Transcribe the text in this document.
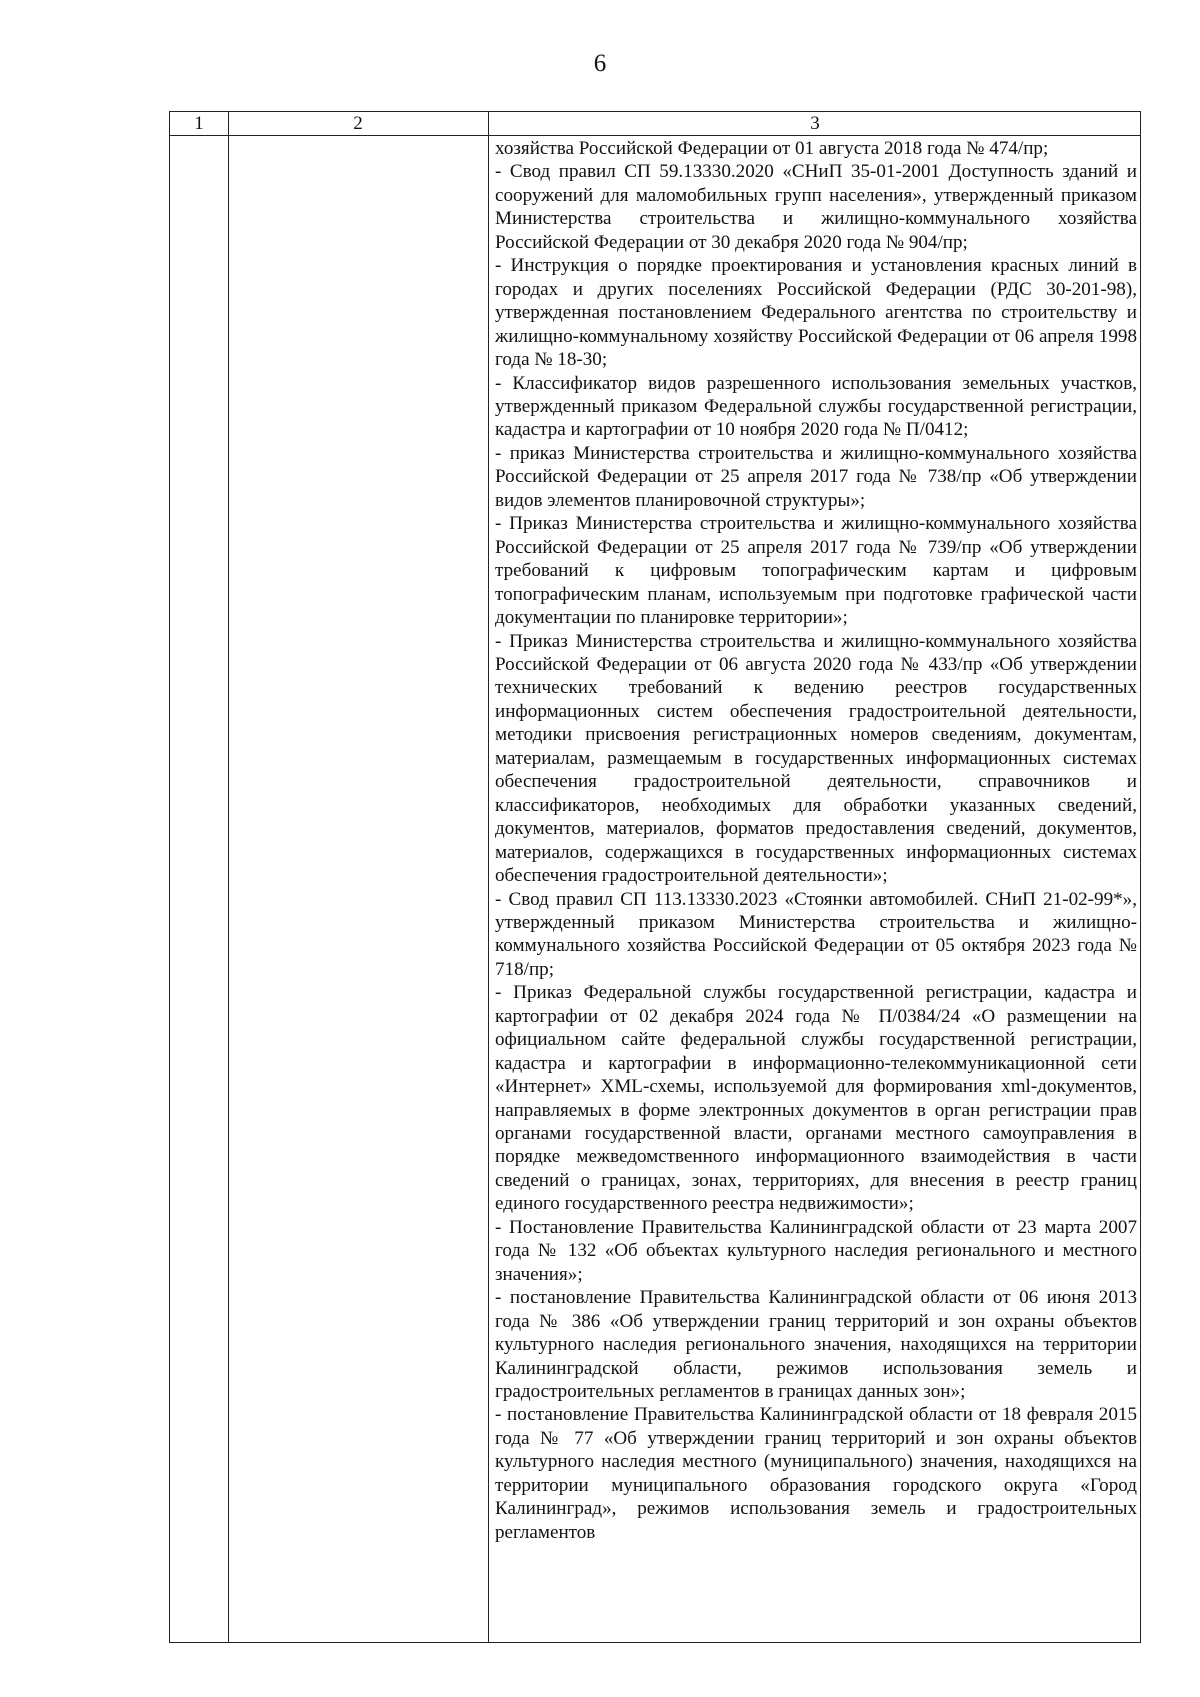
6
1	2	3

хозяйства Российской Федерации от 01 августа 2018 года № 474/пр;

- Свод правил СП 59.13330.2020 «СНиП 35-01-2001 Доступность зданий и сооружений для маломобильных групп населения», утвержденный приказом Министерства строительства и жилищно-коммунального хозяйства Российской Федерации от 30 декабря 2020 года № 904/пр;

- Инструкция о порядке проектирования и установления красных линий в городах и других поселениях Российской Федерации (РДС 30-201-98), утвержденная постановлением Федерального агентства по строительству и жилищно-коммунальному хозяйству Российской Федерации от 06 апреля 1998 года № 18-30;

- Классификатор видов разрешенного использования земельных участков, утвержденный приказом Федеральной службы государственной регистрации, кадастра и картографии от 10 ноября 2020 года № П/0412;

- приказ Министерства строительства и жилищно-коммунального хозяйства Российской Федерации от 25 апреля 2017 года № 738/пр «Об утверждении видов элементов планировочной структуры»;

- Приказ Министерства строительства и жилищно-коммунального хозяйства Российской Федерации от 25 апреля 2017 года № 739/пр «Об утверждении требований к цифровым топографическим картам и цифровым топографическим планам, используемым при подготовке графической части документации по планировке территории»;

- Приказ Министерства строительства и жилищно-коммунального хозяйства Российской Федерации от 06 августа 2020 года № 433/пр «Об утверждении технических требований к ведению реестров государственных информационных систем обеспечения градостроительной деятельности, методики присвоения регистрационных номеров сведениям, документам, материалам, размещаемым в государственных информационных системах обеспечения градостроительной деятельности, справочников и классификаторов, необходимых для обработки указанных сведений, документов, материалов, форматов предоставления сведений, документов, материалов, содержащихся в государственных информационных системах обеспечения градостроительной деятельности»;

- Свод правил СП 113.13330.2023 «Стоянки автомобилей. СНиП 21-02-99*», утвержденный приказом Министерства строительства и жилищно-коммунального хозяйства Российской Федерации от 05 октября 2023 года № 718/пр;

- Приказ Федеральной службы государственной регистрации, кадастра и картографии от 02 декабря 2024 года № П/0384/24 «О размещении на официальном сайте федеральной службы государственной регистрации, кадастра и картографии в информационно-телекоммуникационной сети «Интернет» XML-схемы, используемой для формирования xml-документов, направляемых в форме электронных документов в орган регистрации прав органами государственной власти, органами местного самоуправления в порядке межведомственного информационного взаимодействия в части сведений о границах, зонах, территориях, для внесения в реестр границ единого государственного реестра недвижимости»;

- Постановление Правительства Калининградской области от 23 марта 2007 года № 132 «Об объектах культурного наследия регионального и местного значения»;

- постановление Правительства Калининградской области от 06 июня 2013 года № 386 «Об утверждении границ территорий и зон охраны объектов культурного наследия регионального значения, находящихся на территории Калининградской области, режимов использования земель и градостроительных регламентов в границах данных зон»;

- постановление Правительства Калининградской области от 18 февраля 2015 года № 77 «Об утверждении границ территорий и зон охраны объектов культурного наследия местного (муниципального) значения, находящихся на территории муниципального образования городского округа «Город Калининград», режимов использования земель и градостроительных регламентов
